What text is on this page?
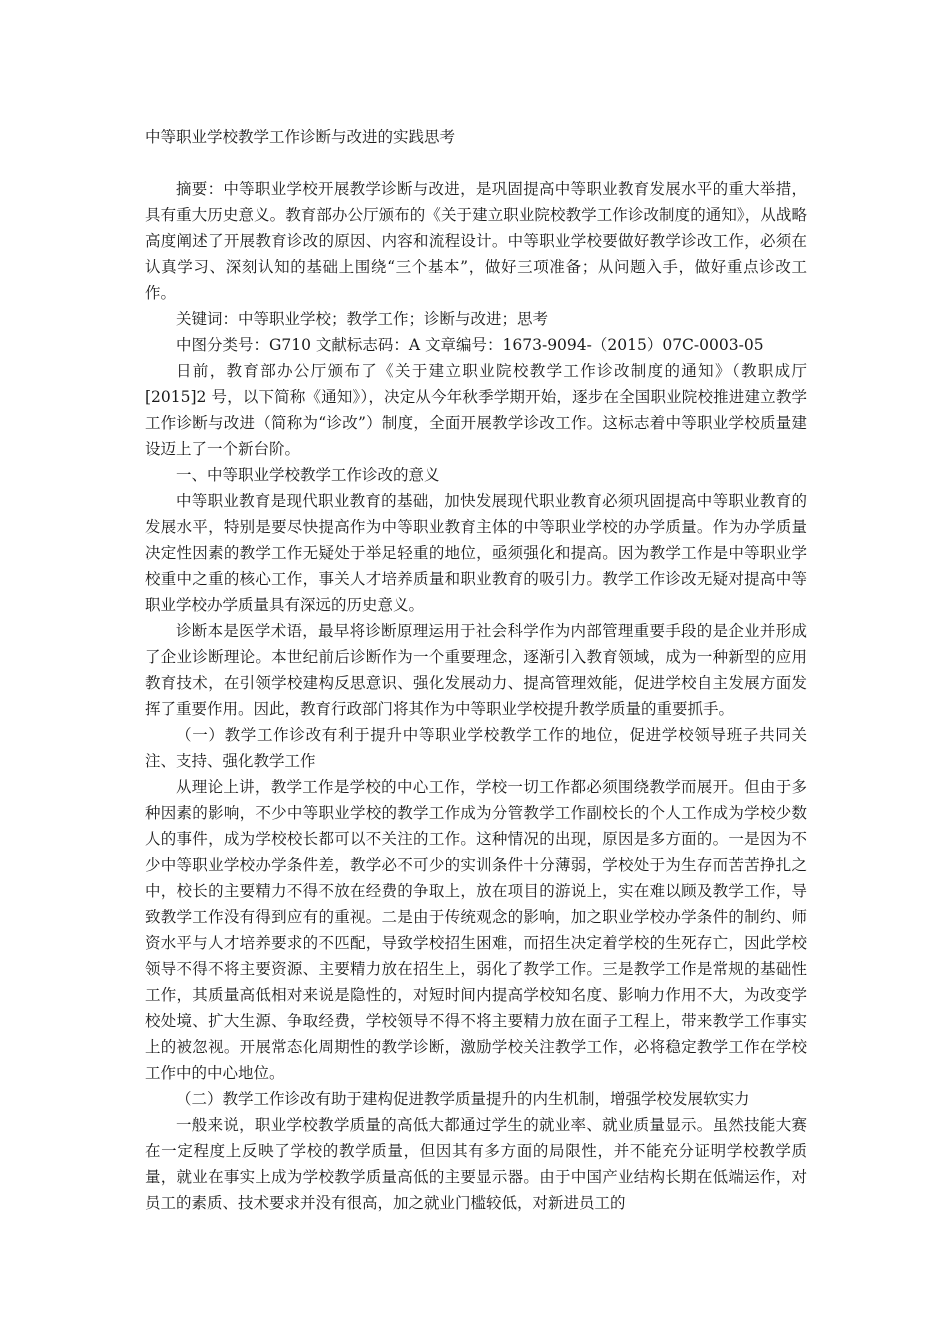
中等职业学校教学工作诊断与改进的实践思考

摘要：中等职业学校开展教学诊断与改进，是巩固提高中等职业教育发展水平的重大举措，具有重大历史意义。教育部办公厅颁布的《关于建立职业院校教学工作诊改制度的通知》，从战略高度阐述了开展教育诊改的原因、内容和流程设计。中等职业学校要做好教学诊改工作，必须在认真学习、深刻认知的基础上围绕“三个基本”，做好三项准备；从问题入手，做好重点诊改工作。

关键词：中等职业学校；教学工作；诊断与改进；思考

中图分类号：G710 文献标志码：A 文章编号：1673-9094-（2015）07C-0003-05

日前，教育部办公厅颁布了《关于建立职业院校教学工作诊改制度的通知》（教职成厅[2015]2 号，以下简称《通知》），决定从今年秋季学期开始，逐步在全国职业院校推进建立教学工作诊断与改进（简称为“诊改”）制度，全面开展教学诊改工作。这标志着中等职业学校质量建设迈上了一个新台阶。

一、中等职业学校教学工作诊改的意义

中等职业教育是现代职业教育的基础，加快发展现代职业教育必须巩固提高中等职业教育的发展水平，特别是要尽快提高作为中等职业教育主体的中等职业学校的办学质量。作为办学质量决定性因素的教学工作无疑处于举足轻重的地位，亟须强化和提高。因为教学工作是中等职业学校重中之重的核心工作，事关人才培养质量和职业教育的吸引力。教学工作诊改无疑对提高中等职业学校办学质量具有深远的历史意义。

诊断本是医学术语，最早将诊断原理运用于社会科学作为内部管理重要手段的是企业并形成了企业诊断理论。本世纪前后诊断作为一个重要理念，逐渐引入教育领域，成为一种新型的应用教育技术，在引领学校建构反思意识、强化发展动力、提高管理效能，促进学校自主发展方面发挥了重要作用。因此，教育行政部门将其作为中等职业学校提升教学质量的重要抓手。

（一）教学工作诊改有利于提升中等职业学校教学工作的地位，促进学校领导班子共同关注、支持、强化教学工作

从理论上讲，教学工作是学校的中心工作，学校一切工作都必须围绕教学而展开。但由于多种因素的影响，不少中等职业学校的教学工作成为分管教学工作副校长的个人工作成为学校少数人的事件，成为学校校长都可以不关注的工作。这种情况的出现，原因是多方面的。一是因为不少中等职业学校办学条件差，教学必不可少的实训条件十分薄弱，学校处于为生存而苦苦挣扎之中，校长的主要精力不得不放在经费的争取上，放在项目的游说上，实在难以顾及教学工作，导致教学工作没有得到应有的重视。二是由于传统观念的影响，加之职业学校办学条件的制约、师资水平与人才培养要求的不匹配，导致学校招生困难，而招生决定着学校的生死存亡，因此学校领导不得不将主要资源、主要精力放在招生上，弱化了教学工作。三是教学工作是常规的基础性工作，其质量高低相对来说是隐性的，对短时间内提高学校知名度、影响力作用不大，为改变学校处境、扩大生源、争取经费，学校领导不得不将主要精力放在面子工程上，带来教学工作事实上的被忽视。开展常态化周期性的教学诊断，激励学校关注教学工作，必将稳定教学工作在学校工作中的中心地位。

（二）教学工作诊改有助于建构促进教学质量提升的内生机制，增强学校发展软实力

一般来说，职业学校教学质量的高低大都通过学生的就业率、就业质量显示。虽然技能大赛在一定程度上反映了学校的教学质量，但因其有多方面的局限性，并不能充分证明学校教学质量，就业在事实上成为学校教学质量高低的主要显示器。由于中国产业结构长期在低端运作，对员工的素质、技术要求并没有很高，加之就业门槛较低，对新进员工的
